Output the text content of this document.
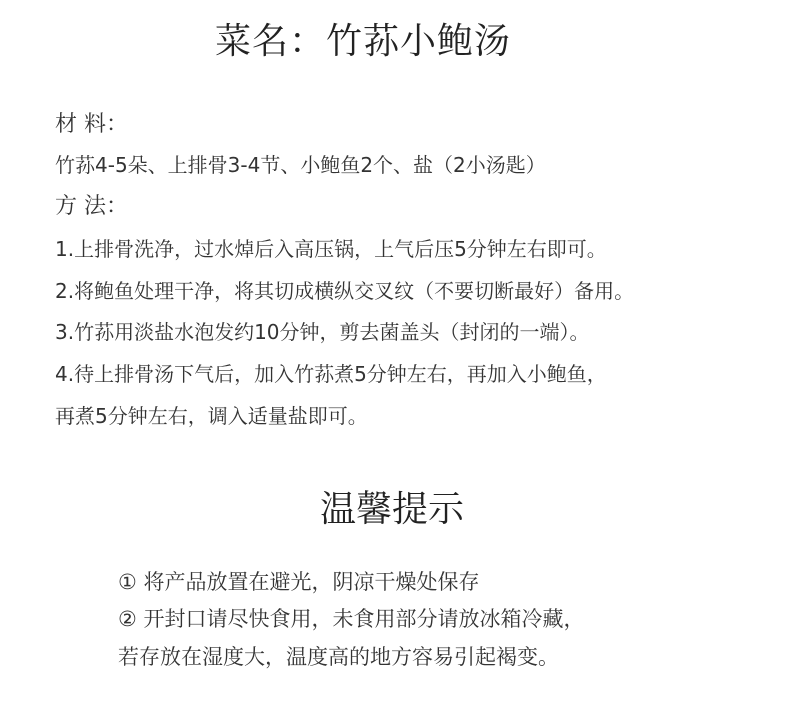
菜名：竹荪小鲍汤
材 料：
竹荪4-5朵、上排骨3-4节、小鲍鱼2个、盐（2小汤匙）
方 法：
1.上排骨洗净，过水焯后入高压锅，上气后压5分钟左右即可。
2.将鲍鱼处理干净，将其切成横纵交叉纹（不要切断最好）备用。
3.竹荪用淡盐水泡发约10分钟，剪去菌盖头（封闭的一端）。
4.待上排骨汤下气后，加入竹荪煮5分钟左右，再加入小鲍鱼，
再煮5分钟左右，调入适量盐即可。
温馨提示
① 将产品放置在避光，阴凉干燥处保存
② 开封口请尽快食用，未食用部分请放冰箱冷藏，
若存放在湿度大，温度高的地方容易引起褐变。
